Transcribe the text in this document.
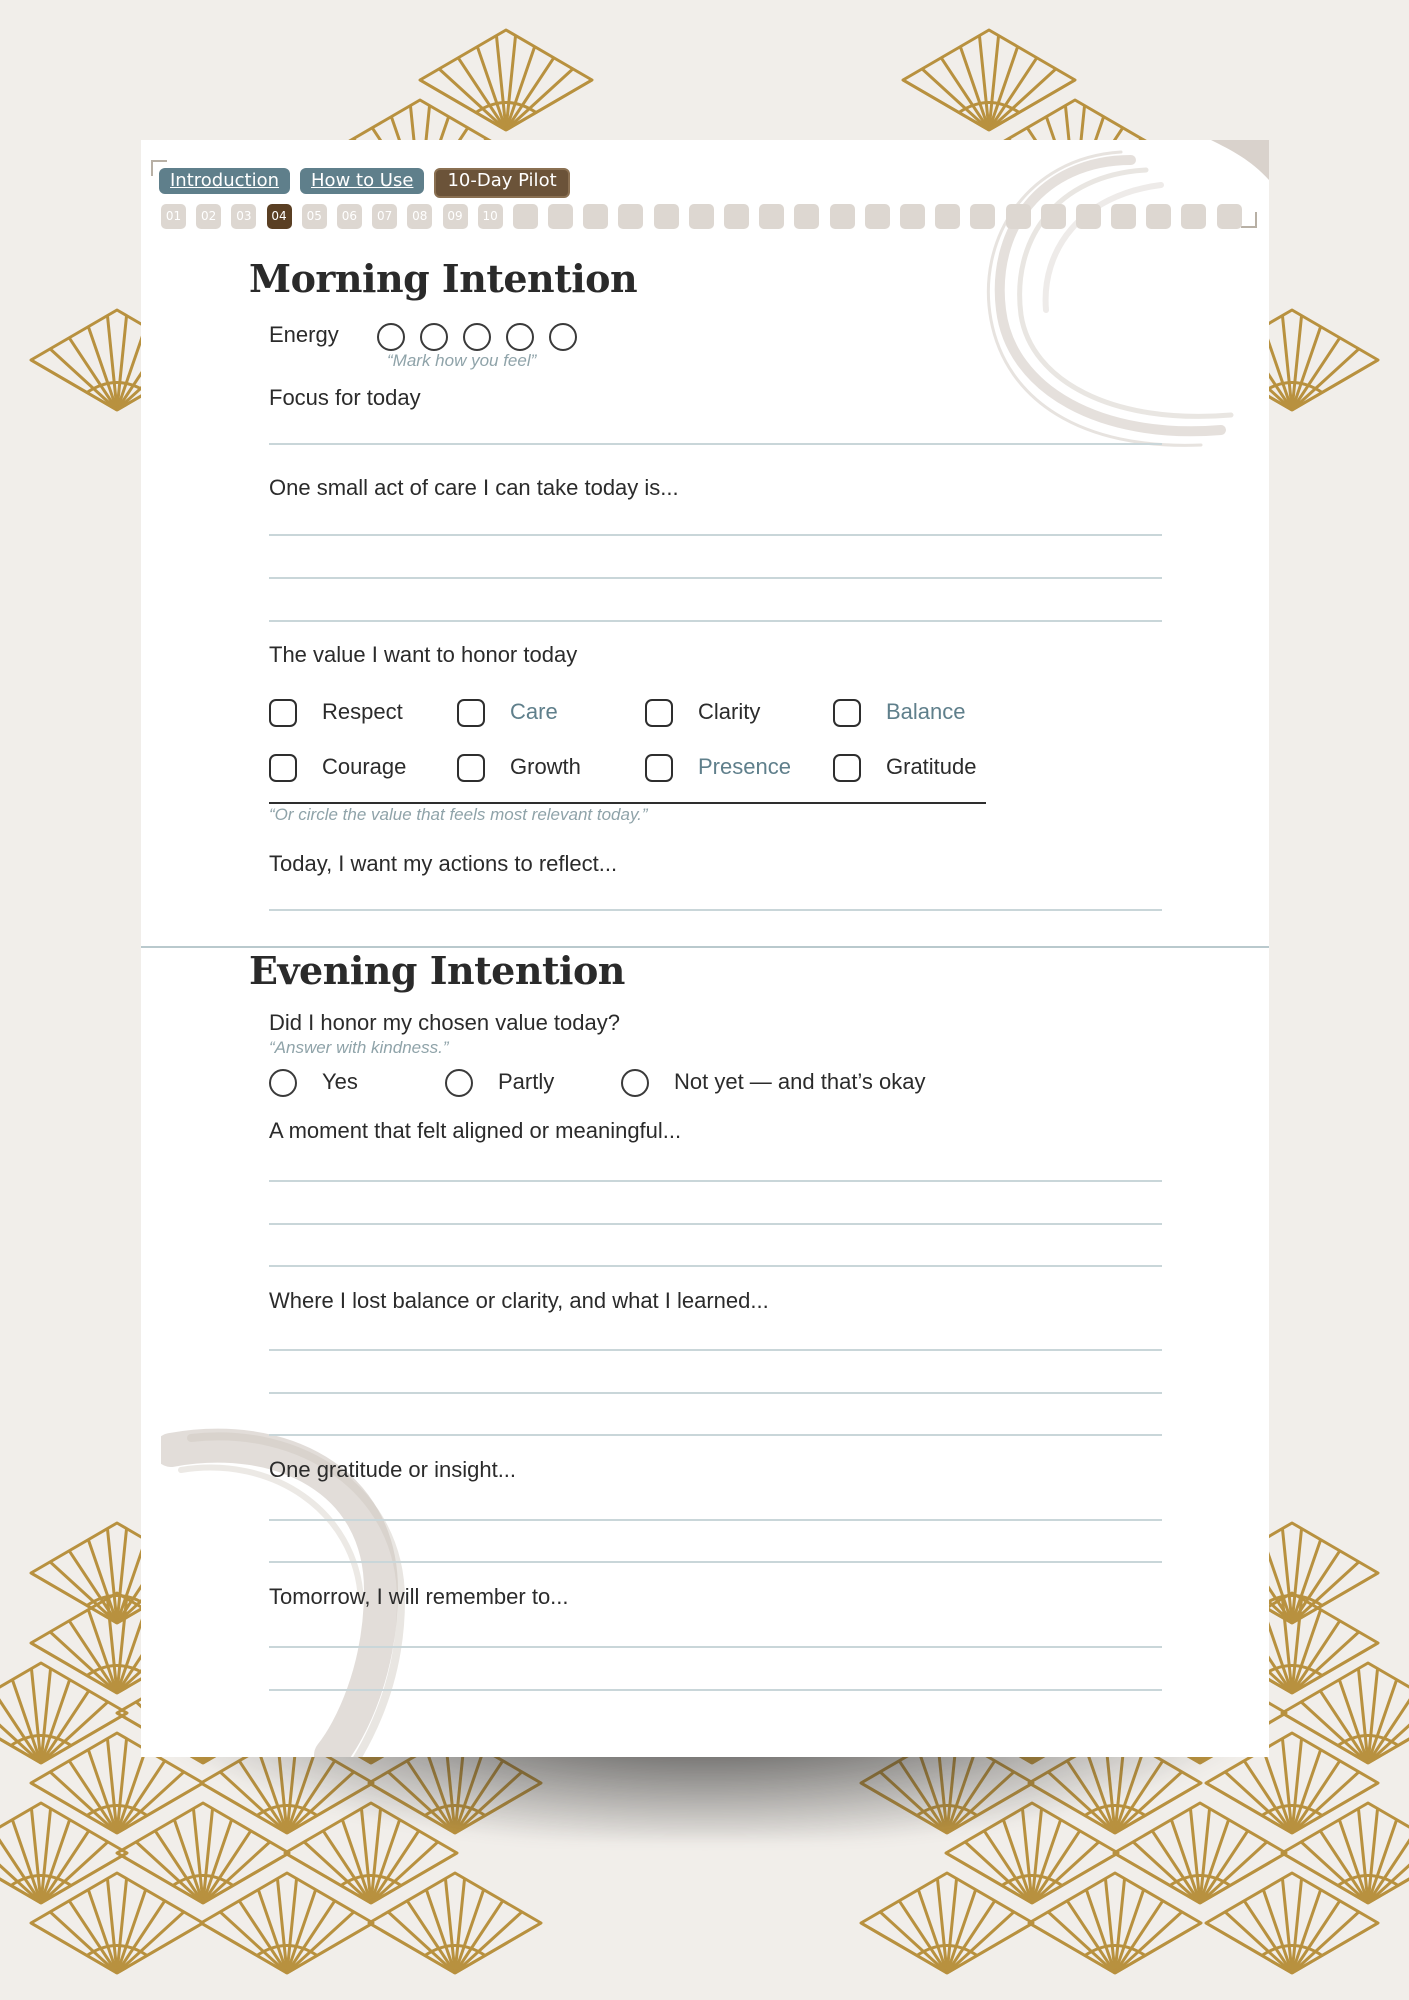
Introduction	How to Use	10-Day Pilot
01	02	03	04	05	06	07	08	09	10
Morning Intention
Energy
“Mark how you feel”
Focus for today
One small act of care I can take today is...
The value I want to honor today
Respect	Care	Clarity	Balance
Courage	Growth	Presence	Gratitude
“Or circle the value that feels most relevant today.”
Today, I want my actions to reflect...
Evening Intention
Did I honor my chosen value today?
“Answer with kindness.”
Yes	Partly	Not yet — and that’s okay
A moment that felt aligned or meaningful...
Where I lost balance or clarity, and what I learned...
One gratitude or insight...
Tomorrow, I will remember to...
